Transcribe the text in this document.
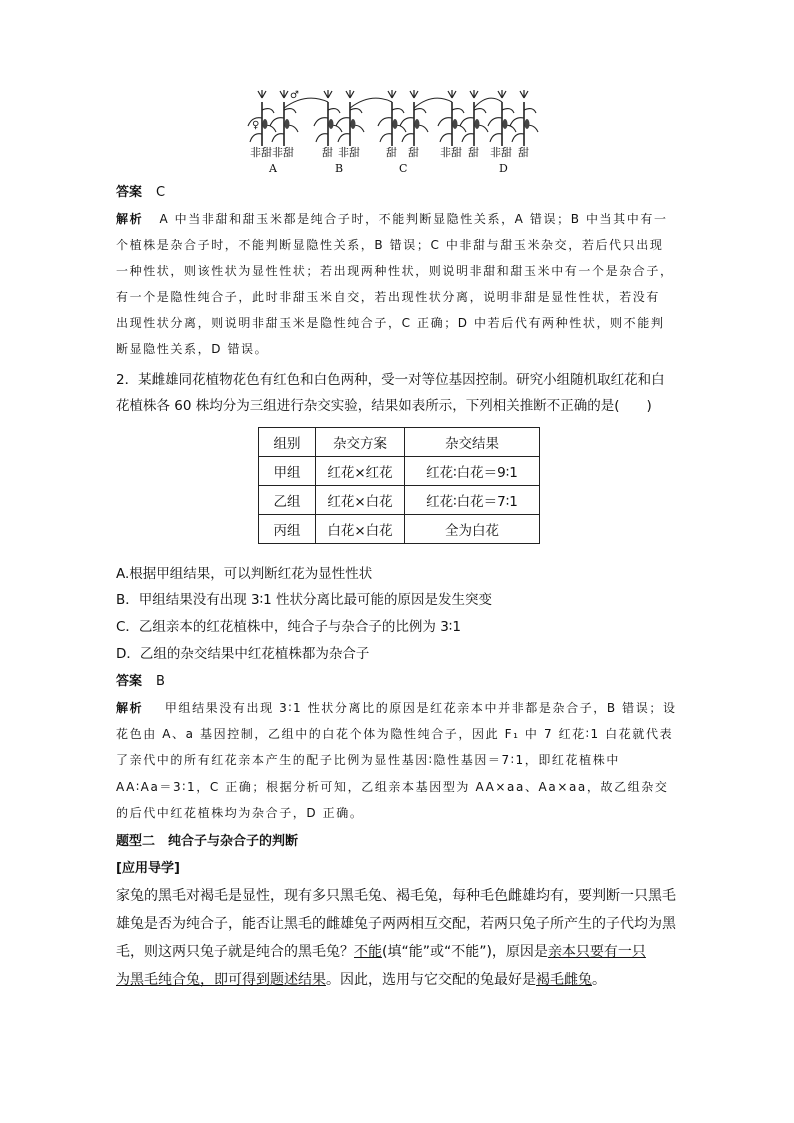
♂
♀
非甜 非甜	甜 非甜 甜 甜 非甜 甜 非甜 甜
A	B	C	D
答案 C
解析 A 中当非甜和甜玉米都是纯合子时，不能判断显隐性关系，A 错误；B 中当其中有一
个植株是杂合子时，不能判断显隐性关系，B 错误；C 中非甜与甜玉米杂交，若后代只出现
一种性状，则该性状为显性性状；若出现两种性状，则说明非甜和甜玉米中有一个是杂合子，
有一个是隐性纯合子，此时非甜玉米自交，若出现性状分离，说明非甜是显性性状，若没有
出现性状分离，则说明非甜玉米是隐性纯合子，C 正确；D 中若后代有两种性状，则不能判
断显隐性关系，D 错误。
2．某雌雄同花植物花色有红色和白色两种，受一对等位基因控制。研究小组随机取红花和白
花植株各 60 株均分为三组进行杂交实验，结果如表所示，下列相关推断不正确的是(　　)
组别	杂交方案	杂交结果
甲组	红花×红花	红花∶白花＝9∶1
乙组	红花×白花	红花∶白花＝7∶1
丙组	白花×白花	全为白花
A.根据甲组结果，可以判断红花为显性性状
B．甲组结果没有出现 3∶1 性状分离比最可能的原因是发生突变
C．乙组亲本的红花植株中，纯合子与杂合子的比例为 3∶1
D．乙组的杂交结果中红花植株都为杂合子
答案 B
解析 甲组结果没有出现 3∶1 性状分离比的原因是红花亲本中并非都是杂合子，B 错误；设
花色由 A、a 基因控制，乙组中的白花个体为隐性纯合子，因此 F₁ 中 7 红花∶1 白花就代表
了亲代中的所有红花亲本产生的配子比例为显性基因∶隐性基因＝7∶1，即红花植株中
AA∶Aa＝3∶1，C 正确；根据分析可知，乙组亲本基因型为 AA×aa、Aa×aa，故乙组杂交
的后代中红花植株均为杂合子，D 正确。
题型二　纯合子与杂合子的判断
[应用导学]
家兔的黑毛对褐毛是显性，现有多只黑毛兔、褐毛兔，每种毛色雌雄均有，要判断一只黑毛
雄兔是否为纯合子，能否让黑毛的雌雄兔子两两相互交配，若两只兔子所产生的子代均为黑
毛，则这两只兔子就是纯合的黑毛兔？不能(填“能”或“不能”)，原因是亲本只要有一只
为黑毛纯合兔，即可得到题述结果。因此，选用与它交配的兔最好是褐毛雌兔。
